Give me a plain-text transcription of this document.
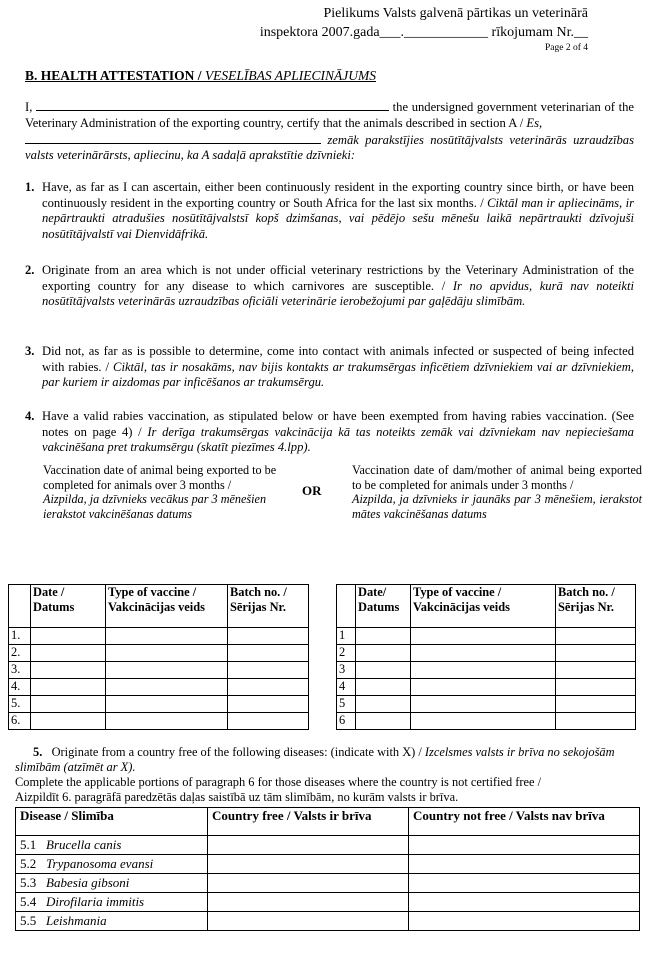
Pielikums Valsts galvenā pārtikas un veterinārā
inspektora 2007.gada___.____________ rīkojumam Nr.__
Page 2 of 4
B. HEALTH ATTESTATION / VESELĪBAS APLIECINĀJUMS
I,	the undersigned government veterinarian of the Veterinary Administration of the exporting country, certify that the animals described in section A / Es,
zemāk parakstījies nosūtītājvalsts veterinārās uzraudzības valsts veterinārārsts, apliecinu, ka A sadaļā aprakstītie dzīvnieki:
1. Have, as far as I can ascertain, either been continuously resident in the exporting country since birth, or have been continuously resident in the exporting country or South Africa for the last six months. / Ciktāl man ir apliecināms, ir nepārtraukti atradušies nosūtītājvalstsī kopš dzimšanas, vai pēdējo sešu mēnešu laikā nepārtraukti dzīvojuši nosūtītājvalstī vai Dienvidāfrikā.
2. Originate from an area which is not under official veterinary restrictions by the Veterinary Administration of the exporting country for any disease to which carnivores are susceptible. / Ir no apvidus, kurā nav noteikti nosūtītājvalsts veterinārās uzraudzības oficiāli veterinārie ierobežojumi par gaļēdāju slimībām.
3. Did not, as far as is possible to determine, come into contact with animals infected or suspected of being infected with rabies. / Ciktāl, tas ir nosakāms, nav bijis kontakts ar trakumsērgas inficētiem dzīvniekiem vai ar dzīvniekiem, par kuriem ir aizdomas par inficēšanos ar trakumsērgu.
4. Have a valid rabies vaccination, as stipulated below or have been exempted from having rabies vaccination. (See notes on page 4) / Ir derīga trakumsērgas vakcinācija kā tas noteikts zemāk vai dzīvniekam nav nepieciešama vakcinēšana pret trakumsērgu (skatīt piezīmes 4.lpp).
Vaccination date of animal being exported to be completed for animals over 3 months /
Aizpilda, ja dzīvnieks vecākus par 3 mēnešien ierakstot vakcinēšanas datums
OR
Vaccination date of dam/mother of animal being exported to be completed for animals under 3 months /
Aizpilda, ja dzīvnieks ir jaunāks par 3 mēnešiem, ierakstot mātes vakcinēšanas datums
	Date / Datums	Type of vaccine / Vakcinācijas veids	Batch no. / Sērijas Nr.
1.			
2.			
3.			
4.			
5.			
6.			
	Date/ Datums	Type of vaccine / Vakcinācijas veids	Batch no. / Sērijas Nr.
1			
2			
3			
4			
5			
6			
5. Originate from a country free of the following diseases: (indicate with X) / Izcelsmes valsts ir brīva no sekojošām slimībām (atzīmēt ar X).
Complete the applicable portions of paragraph 6 for those diseases where the country is not certified free /
Aizpildīt 6. paragrāfā paredzētās daļas saistībā uz tām slimībām, no kurām valsts ir brīva.
Disease / Slimība	Country free / Valsts ir brīva	Country not free / Valsts nav brīva
5.1 Brucella canis		
5.2 Trypanosoma evansi		
5.3 Babesia gibsoni		
5.4 Dirofilaria immitis		
5.5 Leishmania		
